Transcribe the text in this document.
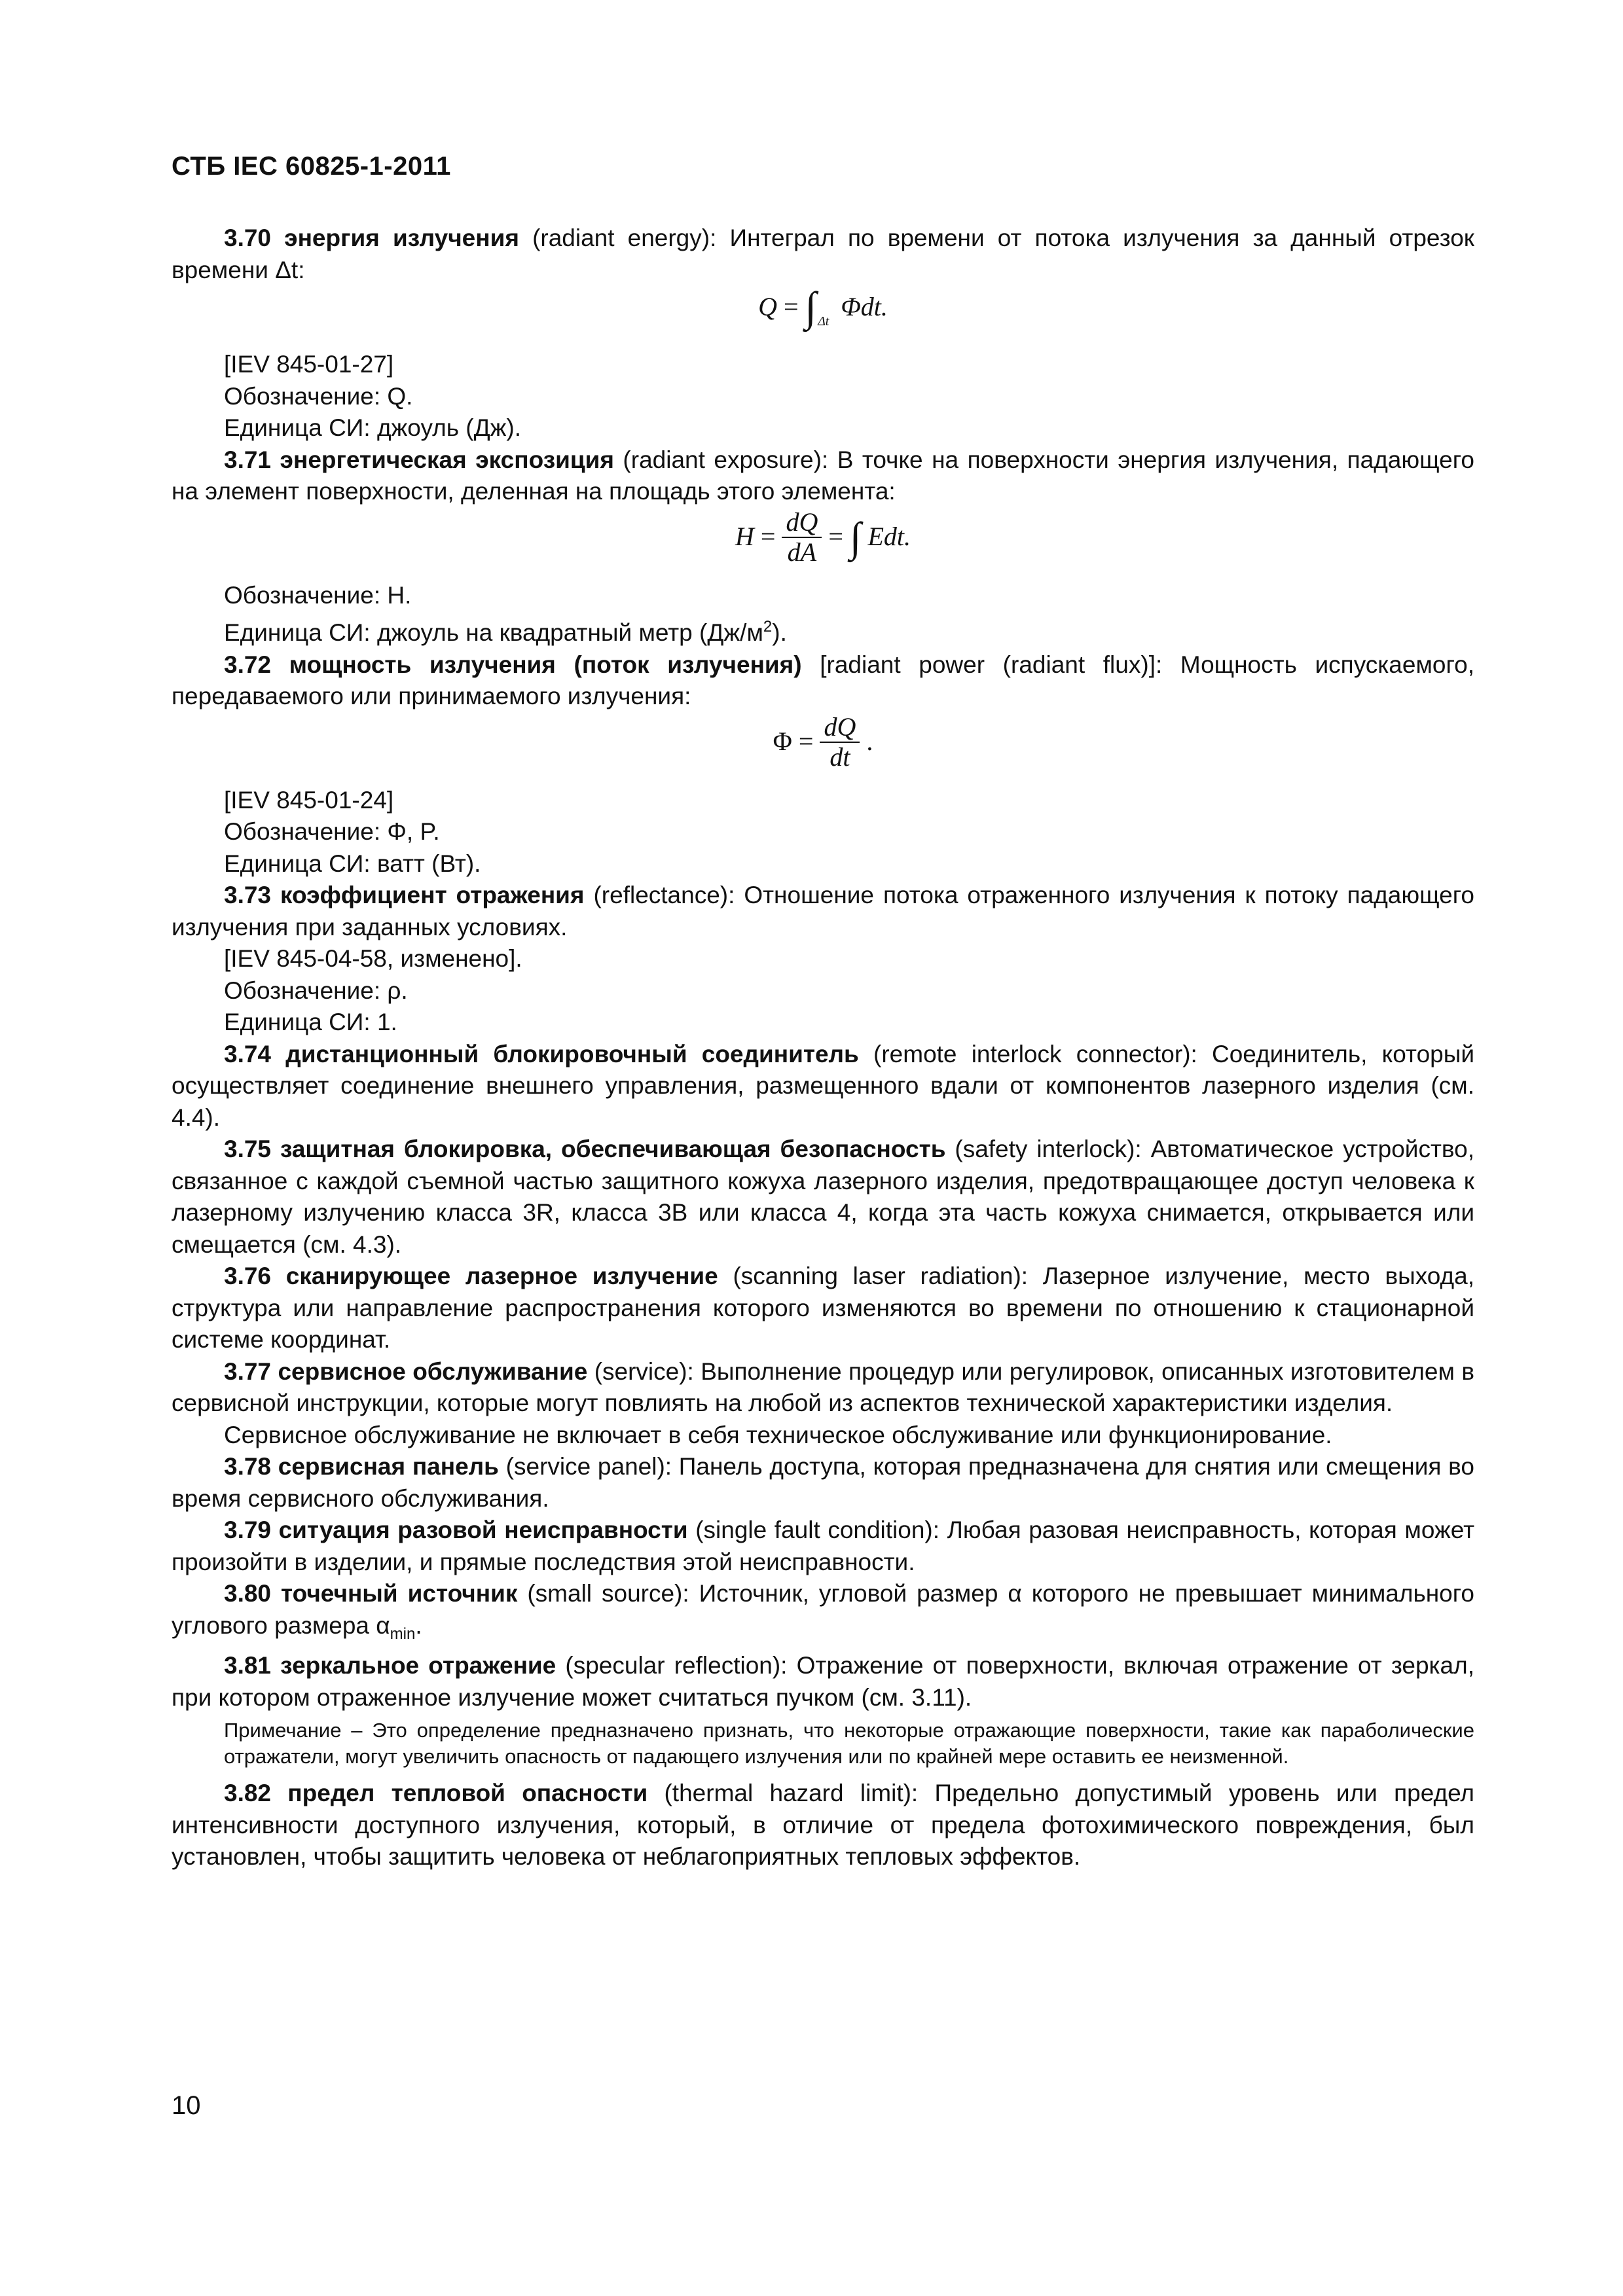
СТБ IEC 60825-1-2011

3.70 энергия излучения (radiant energy): Интеграл по времени от потока излучения за данный отрезок времени Δt:

Q = ∫ Δt Φdt.

[IEV 845-01-27]

Обозначение: Q.

Единица СИ: джоуль (Дж).

3.71 энергетическая экспозиция (radiant exposure): В точке на поверхности энергия излучения, падающего на элемент поверхности, деленная на площадь этого элемента:

$H = \frac{dQ}{dA}$ = ∫ Edt.

Обозначение: H.

Единица СИ: джоуль на квадратный метр $(Дж/м^2)$.

3.72 мощность излучения (поток излучения) [radiant power (radiant flux)]: Мощность испускаемого, передаваемого или принимаемого излучения:

$\Phi = \frac{dQ}{dt}$ .

[IEV 845-01-24]

Обозначение: Φ, P.

Единица СИ: ватт (Вт).

3.73 коэффициент отражения (reflectance): Отношение потока отраженного излучения к потоку падающего излучения при заданных условиях.

[IEV 845-04-58, изменено].

Обозначение: ρ.

Единица СИ: 1.

3.74 дистанционный блокировочный соединитель (remote interlock connector): Соединитель, который осуществляет соединение внешнего управления, размещенного вдали от компонентов лазерного изделия (см. 4.4).

3.75 защитная блокировка, обеспечивающая безопасность (safety interlock): Автоматическое устройство, связанное с каждой съемной частью защитного кожуха лазерного изделия, предотвращающее доступ человека к лазерному излучению класса 3R, класса 3B или класса 4, когда эта часть кожуха снимается, открывается или смещается (см. 4.3).

3.76 сканирующее лазерное излучение (scanning laser radiation): Лазерное излучение, место выхода, структура или направление распространения которого изменяются во времени по отношению к стационарной системе координат.

3.77 сервисное обслуживание (service): Выполнение процедур или регулировок, описанных изготовителем в сервисной инструкции, которые могут повлиять на любой из аспектов технической характеристики изделия.

Сервисное обслуживание не включает в себя техническое обслуживание или функционирование.

3.78 сервисная панель (service panel): Панель доступа, которая предназначена для снятия или смещения во время сервисного обслуживания.

3.79 ситуация разовой неисправности (single fault condition): Любая разовая неисправность, которая может произойти в изделии, и прямые последствия этой неисправности.

3.80 точечный источник (small source): Источник, угловой размер α которого не превышает минимального углового размера $\alpha_{min}$.

3.81 зеркальное отражение (specular reflection): Отражение от поверхности, включая отражение от зеркал, при котором отраженное излучение может считаться пучком (см. 3.11).

Примечание – Это определение предназначено признать, что некоторые отражающие поверхности, такие как параболические отражатели, могут увеличить опасность от падающего излучения или по крайней мере оставить ее неизменной.

3.82 предел тепловой опасности (thermal hazard limit): Предельно допустимый уровень или предел интенсивности доступного излучения, который, в отличие от предела фотохимического повреждения, был установлен, чтобы защитить человека от неблагоприятных тепловых эффектов.

10
